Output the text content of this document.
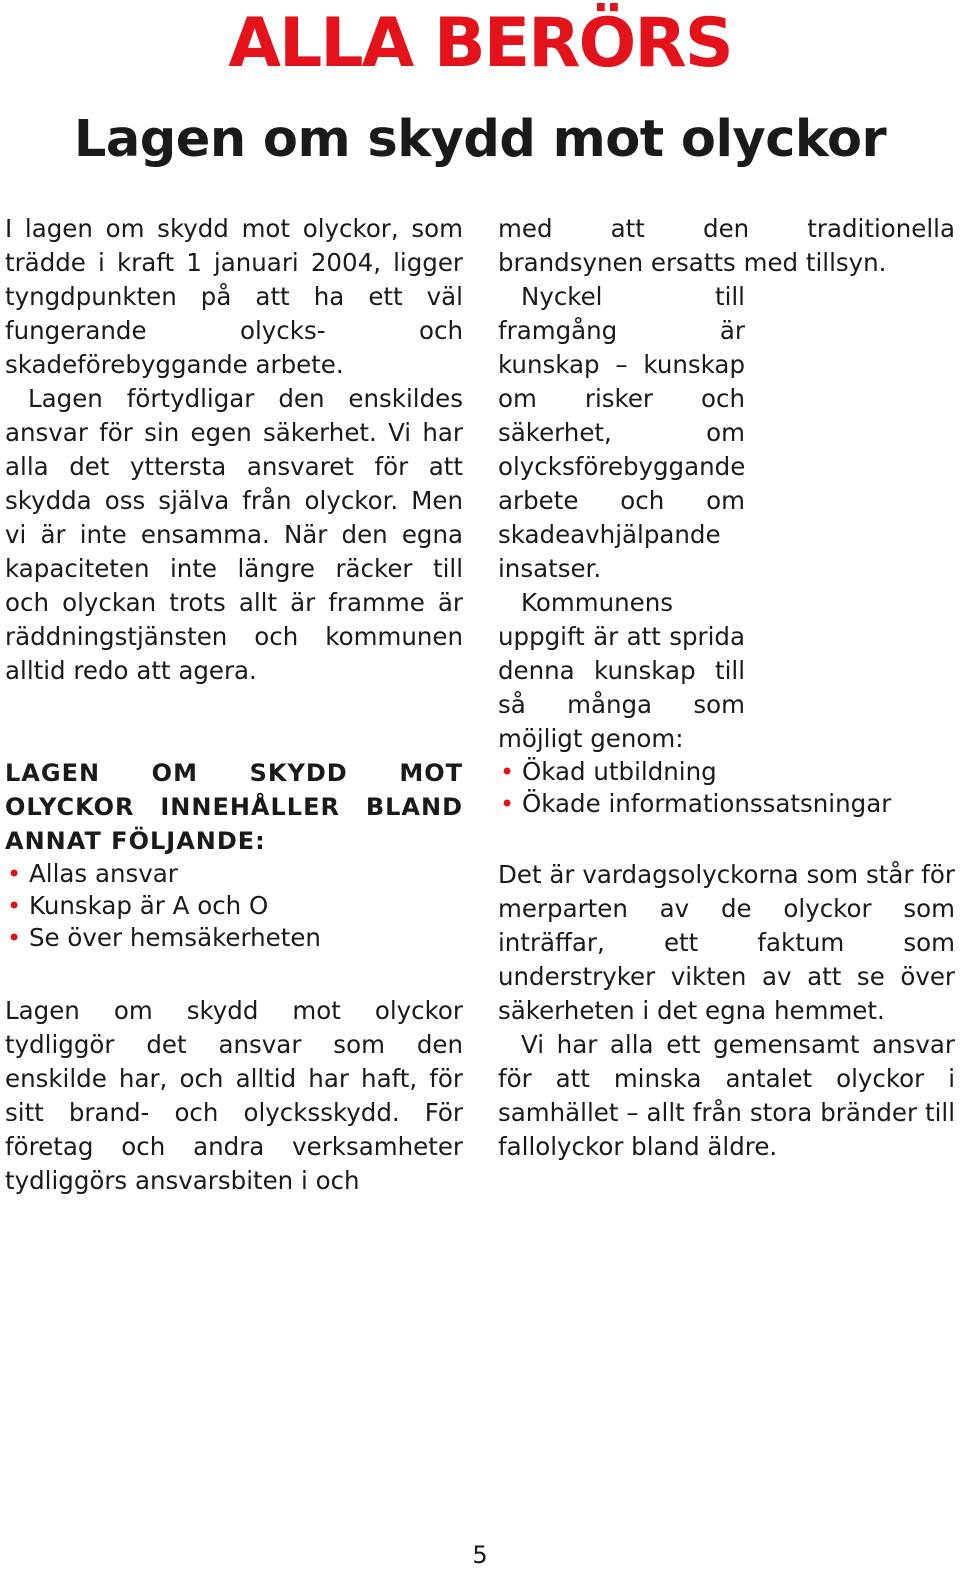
ALLA BERÖRS
Lagen om skydd mot olyckor

I lagen om skydd mot olyckor, som trädde i kraft 1 januari 2004, ligger tyngdpunkten på att ha ett väl fungerande olycks- och skadeförebyggande arbete.

Lagen förtydligar den enskildes ansvar för sin egen säkerhet. Vi har alla det yttersta ansvaret för att skydda oss själva från olyckor. Men vi är inte ensamma. När den egna kapaciteten inte längre räcker till och olyckan trots allt är framme är räddningstjänsten och kommunen alltid redo att agera.

LAGEN OM SKYDD MOT OLYCKOR INNEHÅLLER BLAND ANNAT FÖLJANDE:
• Allas ansvar
• Kunskap är A och O
• Se över hemsäkerheten

Lagen om skydd mot olyckor tydliggör det ansvar som den enskilde har, och alltid har haft, för sitt brand- och olycksskydd. För företag och andra verksamheter tydliggörs ansvarsbiten i och

med att den traditionella brandsynen ersatts med tillsyn.

Nyckel till framgång är kunskap – kunskap om risker och säkerhet, om olycksförebyggande arbete och om skadeavhjälpande insatser.

Kommunens uppgift är att sprida denna kunskap till så många som möjligt genom:

• Ökad utbildning
• Ökade informationssatsningar

Det är vardagsolyckorna som står för merparten av de olyckor som inträffar, ett faktum som understryker vikten av att se över säkerheten i det egna hemmet.

Vi har alla ett gemensamt ansvar för att minska antalet olyckor i samhället – allt från stora bränder till fallolyckor bland äldre.

5
